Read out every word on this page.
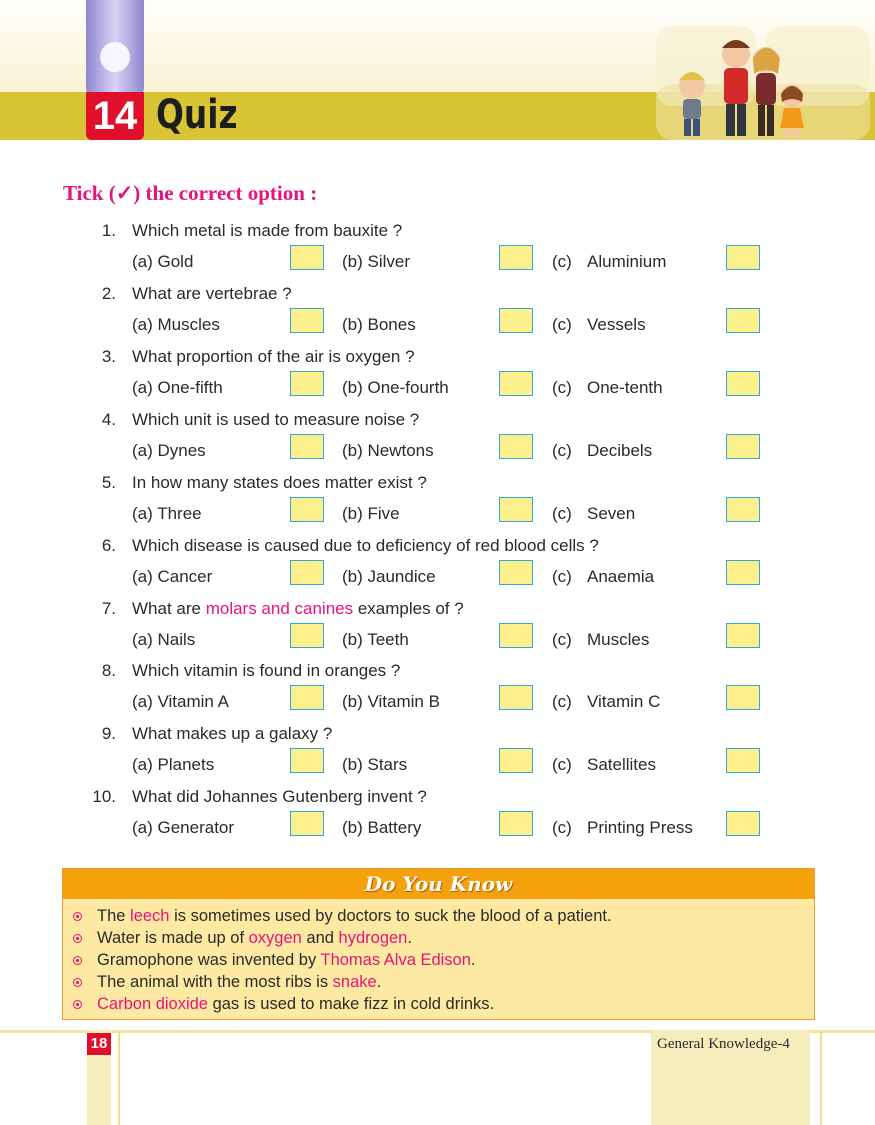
14 Quiz
Tick (✓) the correct option :
1. Which metal is made from bauxite ?
(a) Gold	(b) Silver	(c) Aluminium
2. What are vertebrae ?
(a) Muscles	(b) Bones	(c) Vessels
3. What proportion of the air is oxygen ?
(a) One-fifth	(b) One-fourth	(c) One-tenth
4. Which unit is used to measure noise ?
(a) Dynes	(b) Newtons	(c) Decibels
5. In how many states does matter exist ?
(a) Three	(b) Five	(c) Seven
6. Which disease is caused due to deficiency of red blood cells ?
(a) Cancer	(b) Jaundice	(c) Anaemia
7. What are molars and canines examples of ?
(a) Nails	(b) Teeth	(c) Muscles
8. Which vitamin is found in oranges ?
(a) Vitamin A	(b) Vitamin B	(c) Vitamin C
9. What makes up a galaxy ?
(a) Planets	(b) Stars	(c) Satellites
10. What did Johannes Gutenberg invent ?
(a) Generator	(b) Battery	(c) Printing Press
Do You Know
The leech is sometimes used by doctors to suck the blood of a patient.
Water is made up of oxygen and hydrogen.
Gramophone was invented by Thomas Alva Edison.
The animal with the most ribs is snake.
Carbon dioxide gas is used to make fizz in cold drinks.
18	General Knowledge-4
